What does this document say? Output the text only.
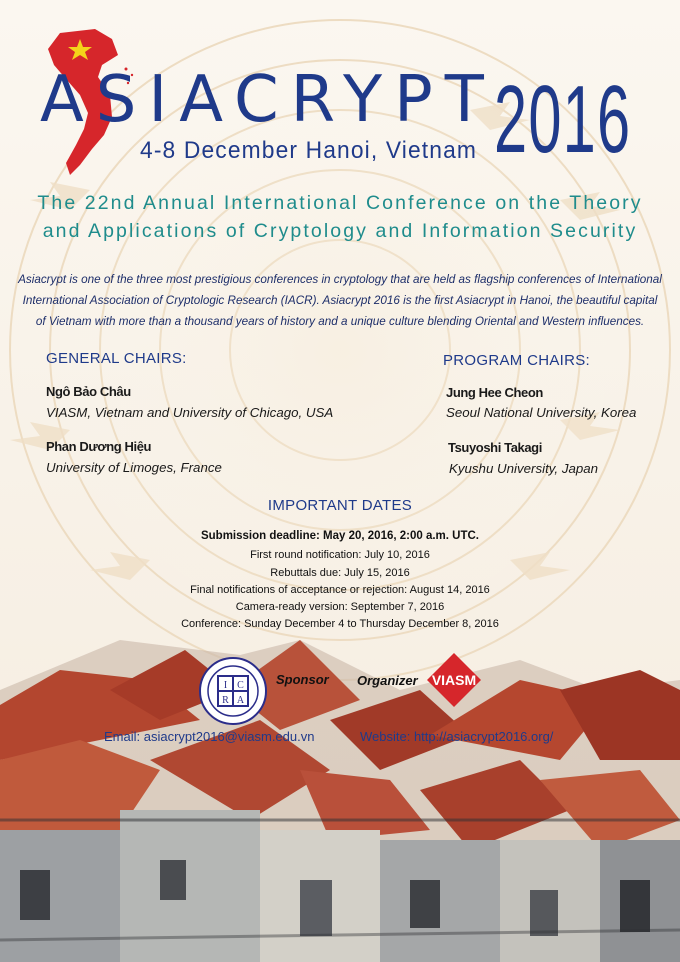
ASIACRYPT
2016
4-8 December Hanoi, Vietnam
The 22nd Annual International Conference on the Theory
and Applications of Cryptology and Information Security
Asiacrypt is one of the three most prestigious conferences in cryptology that are held as flagship conferences of International
International Association of Cryptologic Research (IACR). Asiacrypt 2016 is the first Asiacrypt in Hanoi, the beautiful capital
of Vietnam with more than a thousand years of history and a unique culture blending Oriental and Western influences.
GENERAL CHAIRS:
Ngô Bảo Châu
VIASM, Vietnam and University of Chicago, USA
Phan Dương Hiệu
University of Limoges, France
PROGRAM CHAIRS:
Jung Hee Cheon
Seoul National University, Korea
Tsuyoshi Takagi
Kyushu University, Japan
IMPORTANT DATES
Submission deadline: May 20, 2016, 2:00 a.m. UTC.
First round notification: July 10, 2016
Rebuttals due: July 15, 2016
Final notifications of acceptance or rejection: August 14, 2016
Camera-ready version: September 7, 2016
Conference: Sunday December 4 to Thursday December 8, 2016
I C
R A
Sponsor Organizer VIASM
Email: asiacrypt2016@viasm.edu.vn	Website: http://asiacrypt2016.org/
